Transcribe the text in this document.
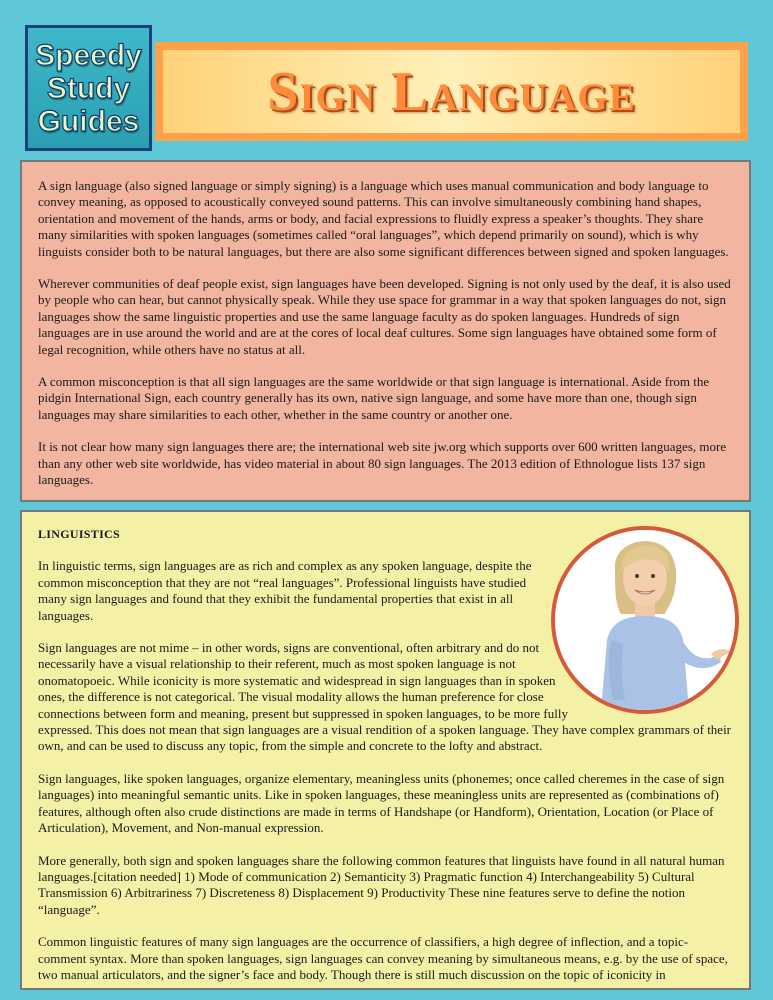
Speedy
Study
Guides Sign Language

A sign language (also signed language or simply signing) is a language which uses manual communication and body language to convey meaning, as opposed to acoustically conveyed sound patterns. This can involve simultaneously combining hand shapes, orientation and movement of the hands, arms or body, and facial expressions to fluidly express a speaker’s thoughts. They share many similarities with spoken languages (sometimes called “oral languages”, which depend primarily on sound), which is why linguists consider both to be natural languages, but there are also some significant differences between signed and spoken languages.

Wherever communities of deaf people exist, sign languages have been developed. Signing is not only used by the deaf, it is also used by people who can hear, but cannot physically speak. While they use space for grammar in a way that spoken languages do not, sign languages show the same linguistic properties and use the same language faculty as do spoken languages. Hundreds of sign languages are in use around the world and are at the cores of local deaf cultures. Some sign languages have obtained some form of legal recognition, while others have no status at all.

A common misconception is that all sign languages are the same worldwide or that sign language is international. Aside from the pidgin International Sign, each country generally has its own, native sign language, and some have more than one, though sign languages may share similarities to each other, whether in the same country or another one.

It is not clear how many sign languages there are; the international web site jw.org which supports over 600 written languages, more than any other web site worldwide, has video material in about 80 sign languages. The 2013 edition of Ethnologue lists 137 sign languages.

LINGUISTICS

In linguistic terms, sign languages are as rich and complex as any spoken language, despite the common misconception that they are not “real languages”. Professional linguists have studied many sign languages and found that they exhibit the fundamental properties that exist in all languages.

Sign languages are not mime – in other words, signs are conventional, often arbitrary and do not necessarily have a visual relationship to their referent, much as most spoken language is not onomatopoeic. While iconicity is more systematic and widespread in sign languages than in spoken ones, the difference is not categorical. The visual modality allows the human preference for close connections between form and meaning, present but suppressed in spoken languages, to be more fully expressed. This does not mean that sign languages are a visual rendition of a spoken language. They have complex grammars of their own, and can be used to discuss any topic, from the simple and concrete to the lofty and abstract.

Sign languages, like spoken languages, organize elementary, meaningless units (phonemes; once called cheremes in the case of sign languages) into meaningful semantic units. Like in spoken languages, these meaningless units are represented as (combinations of) features, although often also crude distinctions are made in terms of Handshape (or Handform), Orientation, Location (or Place of Articulation), Movement, and Non-manual expression.

More generally, both sign and spoken languages share the following common features that linguists have found in all natural human languages.[citation needed] 1) Mode of communication 2) Semanticity 3) Pragmatic function 4) Interchangeability 5) Cultural Transmission 6) Arbitrariness 7) Discreteness 8) Displacement 9) Productivity These nine features serve to define the notion “language”.

Common linguistic features of many sign languages are the occurrence of classifiers, a high degree of inflection, and a topic-comment syntax. More than spoken languages, sign languages can convey meaning by simultaneous means, e.g. by the use of space, two manual articulators, and the signer’s face and body. Though there is still much discussion on the topic of iconicity in
